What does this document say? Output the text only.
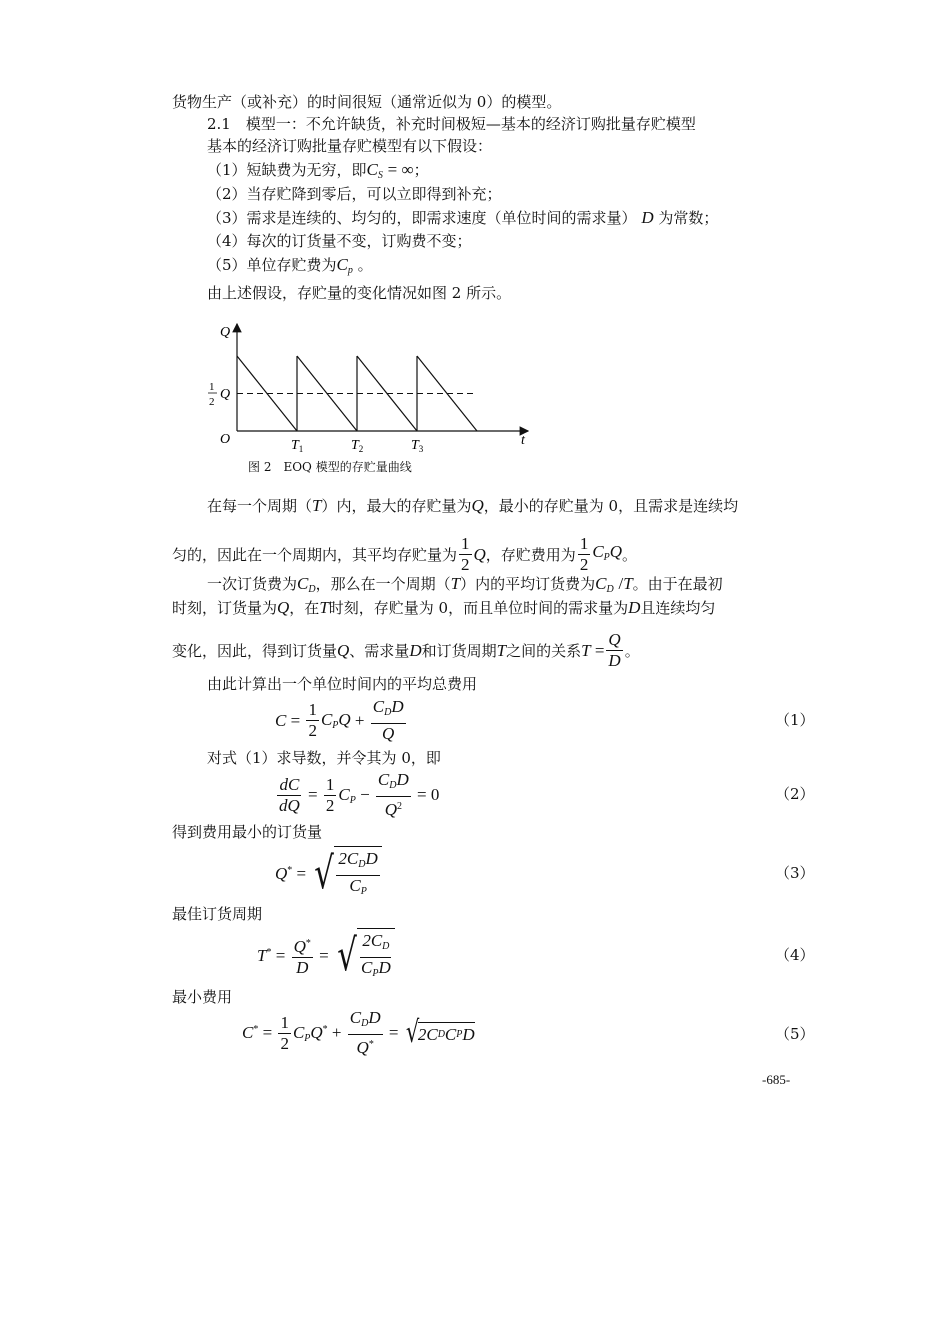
货物生产（或补充）的时间很短（通常近似为 0）的模型。
2.1　模型一：不允许缺货，补充时间极短—基本的经济订购批量存贮模型
基本的经济订购批量存贮模型有以下假设：
（1）短缺费为无穷，即$C_S$ = ∞；
（2）当存贮降到零后，可以立即得到补充；
（3）需求是连续的、均匀的，即需求速度（单位时间的需求量） D 为常数；
（4）每次的订货量不变，订购费不变；
（5）单位存贮费为$C_p$ 。
由上述假设，存贮量的变化情况如图 2 所示。
Q
t
O
1
2 Q
$T_1$	$T_2$	$T_3$
图 2　EOQ 模型的存贮量曲线
在每一个周期（T）内，最大的存贮量为Q，最小的存贮量为 0，且需求是连续均
匀的，因此在一个周期内，其平均存贮量为 $\frac{1}{2}$ Q ，存贮费用为 $\frac{1}{2} C_PQ$ 。
一次订货费为$C_D$，那么在一个周期（T）内的平均订货费为$C_D$ /T。由于在最初
时刻，订货量为Q，在T时刻，存贮量为 0，而且单位时间的需求量为D且连续均匀
变化，因此，得到订货量 Q 、需求量 D 和订货周期 T 之间的关系 $T = \frac{Q}{D}$ 。
由此计算出一个单位时间内的平均总费用
$C = \frac{1}{2} C_PQ + \frac{C_DD}{Q}$	（1）
对式（1）求导数，并令其为 0，即
$\frac{dC}{dQ} = \frac{1}{2} C_P - \frac{C_DD}{Q^2} = 0$	（2）
得到费用最小的订货量
Q* = √ $\frac{2C_DD}{C_P}$	（3）
最佳订货周期
$T^* = \frac{Q^*}{D}$ = √ $\frac{2C_D}{C_PD}$	（4）
最小费用
$C^* = \frac{1}{2} C_PQ^* + \frac{C_DD}{Q^*}$ = √
2C D C P D	（5）
-685-
